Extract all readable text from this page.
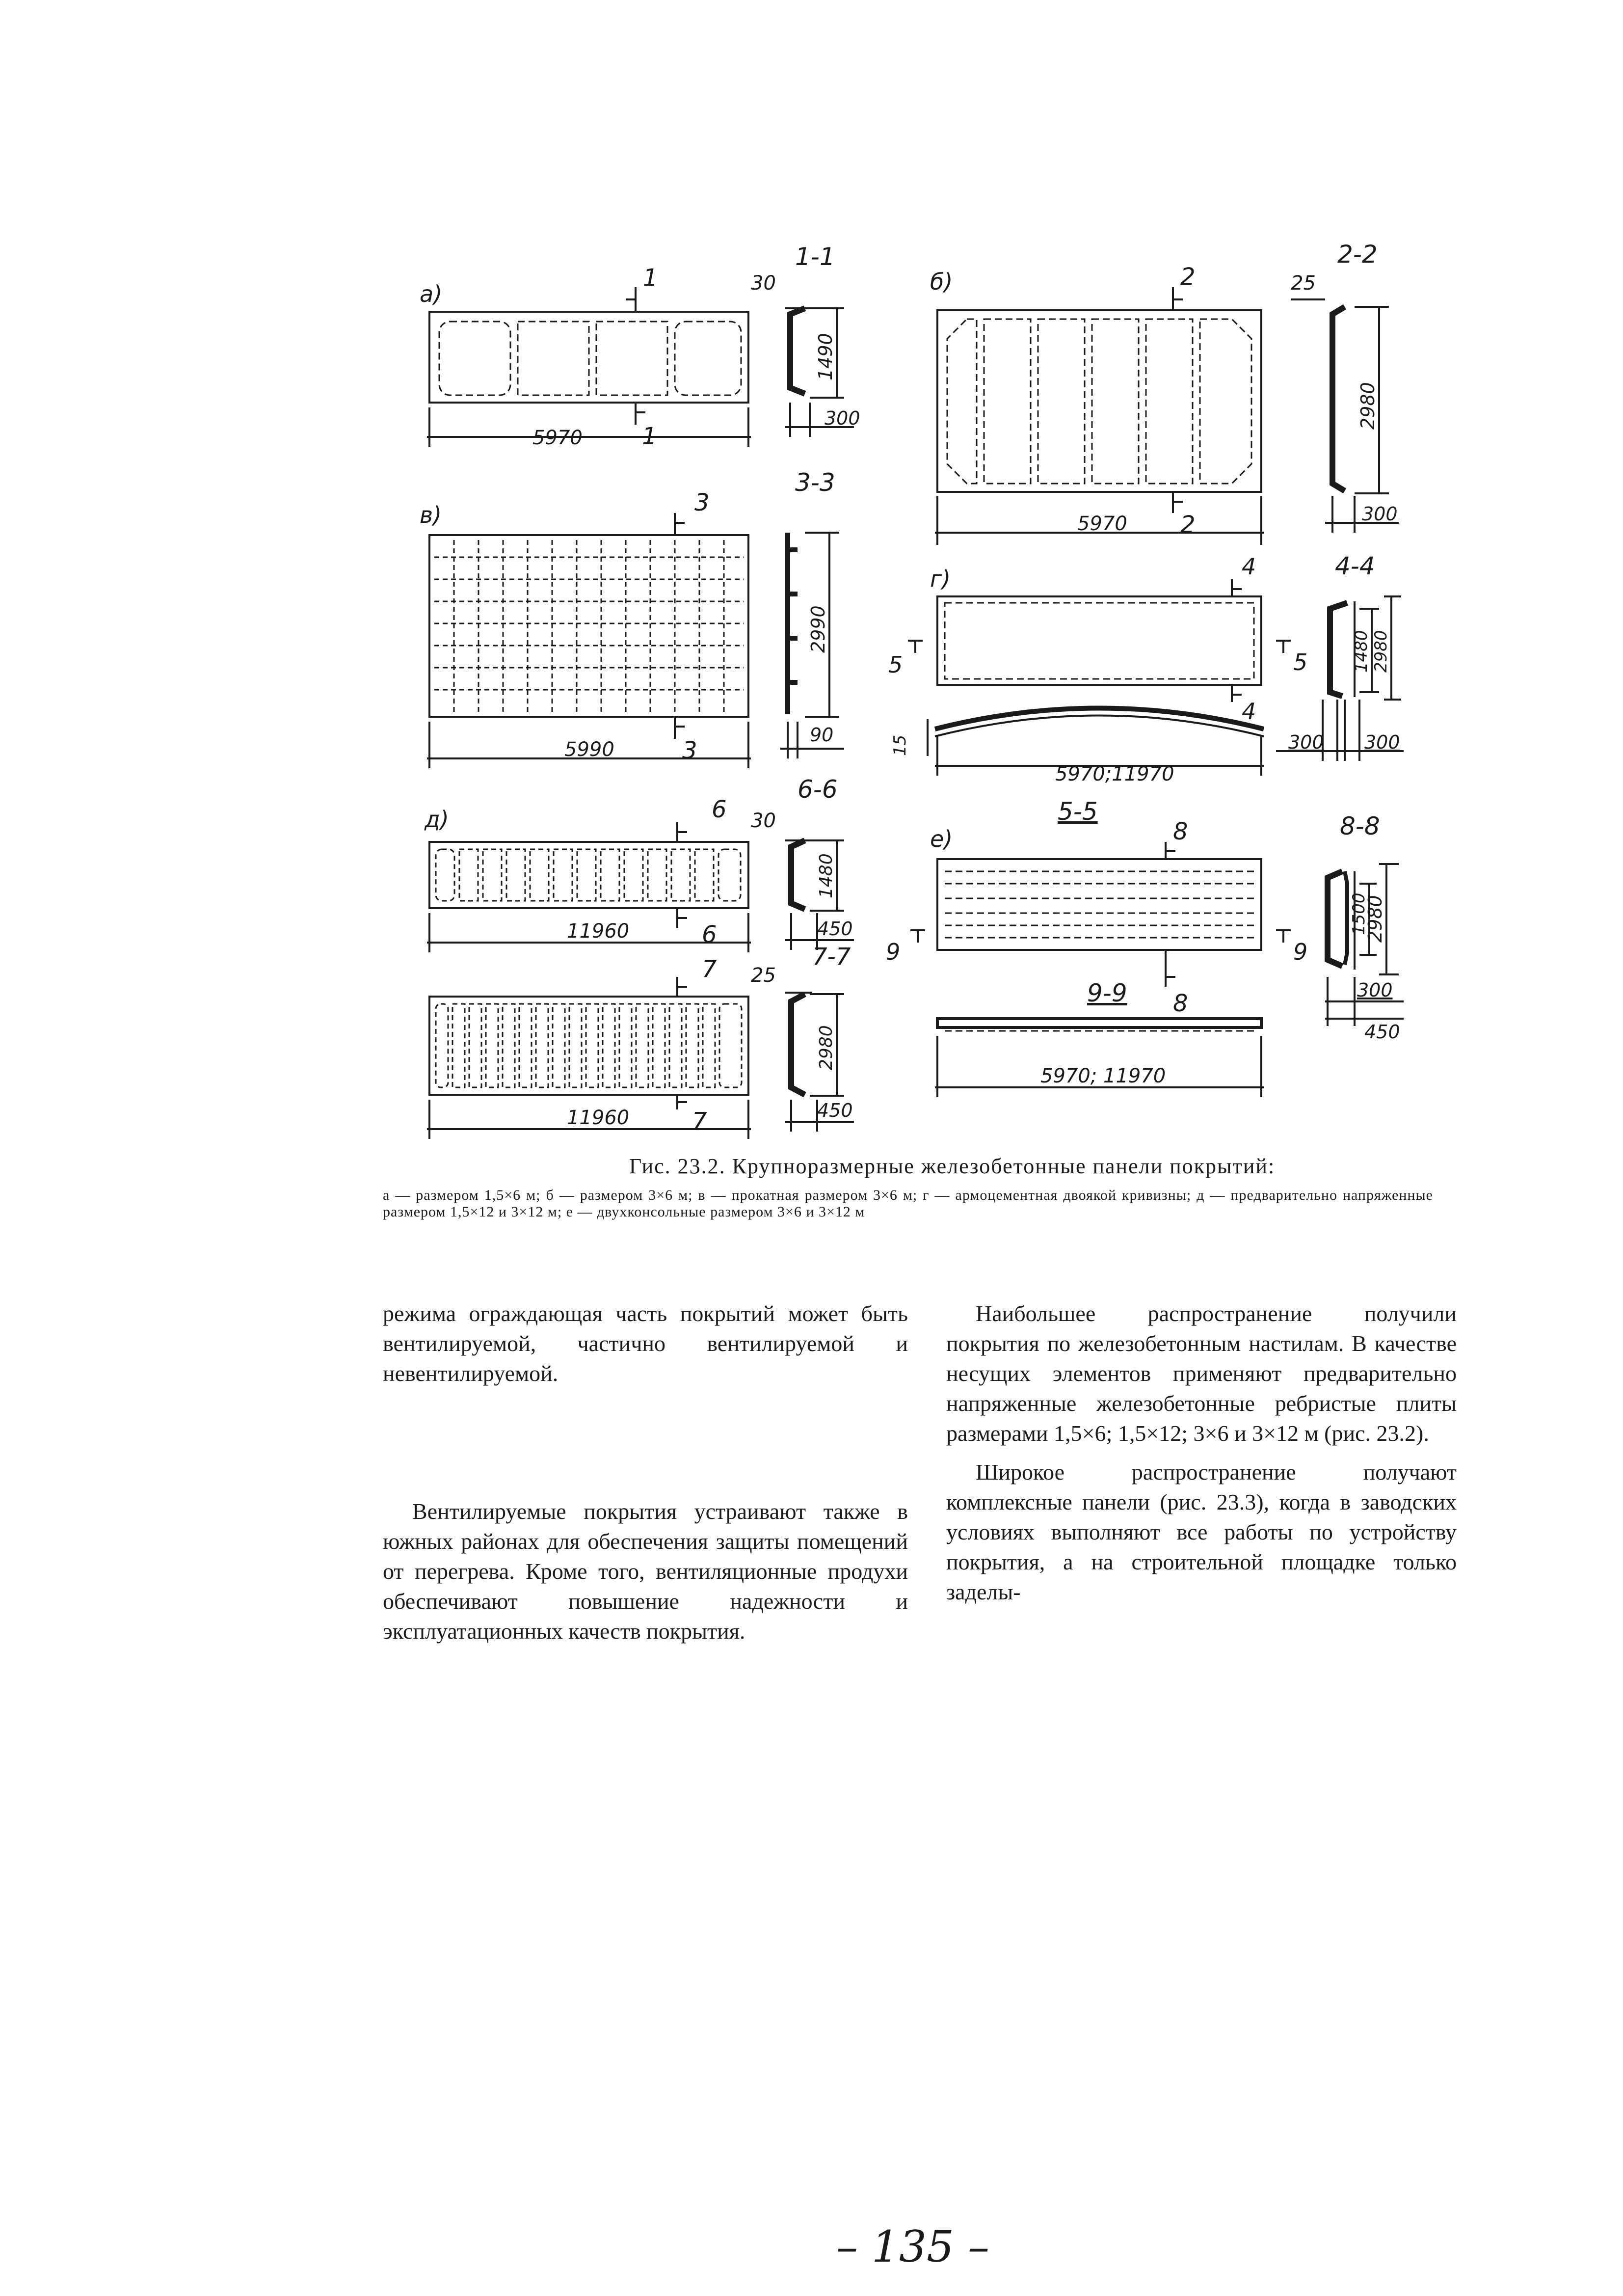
а)
1
1
5970
1-1
30
1490
300
б)	2
2
5970
2-2
25
2980
300
в)	3
3
5990
3-3
2990
90
г)	4
4
5	5
15
5970;11970
5-5
4-4
1480 2980
300 300
д)	6
6
11960
6-6
30
1480
450
7-7
7
7
11960
25
2980
450
е)	8
8
9	9
9-9
5970; 11970
8-8
1500
2980
300
450
Гис. 23.2. Крупноразмерные железобетонные панели покрытий:
а — размером 1,5×6 м; б — размером 3×6 м; в — прокатная размером 3×6 м; г — армоцементная двоякой кривизны; д — предварительно напряженные размером 1,5×12 и 3×12 м; е — двухконсольные размером 3×6 и 3×12 м

режима ограждающая часть покрытий может быть вентилируемой, частично вентилируемой и невентилируемой.

Вентилируемые покрытия устраивают также в южных районах для обеспечения защиты помещений от перегрева. Кроме того, вентиляционные продухи обеспечивают повышение надежности и эксплуатационных качеств покрытия.

Наибольшее распространение получили покрытия по железобетонным настилам. В качестве несущих элементов применяют предварительно напряженные железобетонные ребристые плиты размерами 1,5×6; 1,5×12; 3×6 и 3×12 м (рис. 23.2).

Широкое распространение получают комплексные панели (рис. 23.3), когда в заводских условиях выполняют все работы по устройству покрытия, а на строительной площадке только заделы-

– 135 –
